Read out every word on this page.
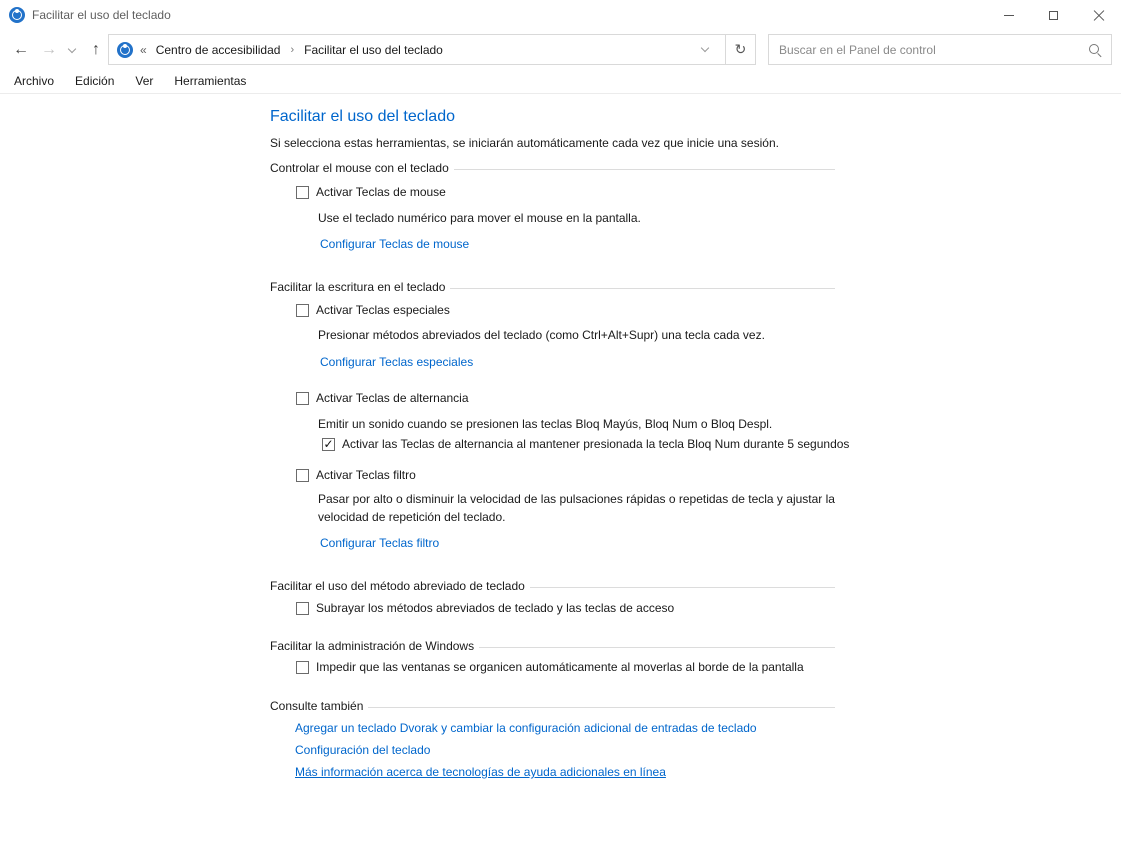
Facilitar el uso del teclado
← → ↑	« Centro de accesibilidad › Facilitar el uso del teclado	↻
Buscar en el Panel de control
Archivo Edición Ver Herramientas
Facilitar el uso del teclado
Si selecciona estas herramientas, se iniciarán automáticamente cada vez que inicie una sesión.
Controlar el mouse con el teclado
Activar Teclas de mouse
Use el teclado numérico para mover el mouse en la pantalla.
Configurar Teclas de mouse
Facilitar la escritura en el teclado
Activar Teclas especiales
Presionar métodos abreviados del teclado (como Ctrl+Alt+Supr) una tecla cada vez.
Configurar Teclas especiales
Activar Teclas de alternancia
Emitir un sonido cuando se presionen las teclas Bloq Mayús, Bloq Num o Bloq Despl.
✓ Activar las Teclas de alternancia al mantener presionada la tecla Bloq Num durante 5 segundos
Activar Teclas filtro
Pasar por alto o disminuir la velocidad de las pulsaciones rápidas o repetidas de tecla y ajustar la velocidad de repetición del teclado.
Configurar Teclas filtro
Facilitar el uso del método abreviado de teclado
Subrayar los métodos abreviados de teclado y las teclas de acceso
Facilitar la administración de Windows
Impedir que las ventanas se organicen automáticamente al moverlas al borde de la pantalla
Consulte también
Agregar un teclado Dvorak y cambiar la configuración adicional de entradas de teclado
Configuración del teclado
Más información acerca de tecnologías de ayuda adicionales en línea
